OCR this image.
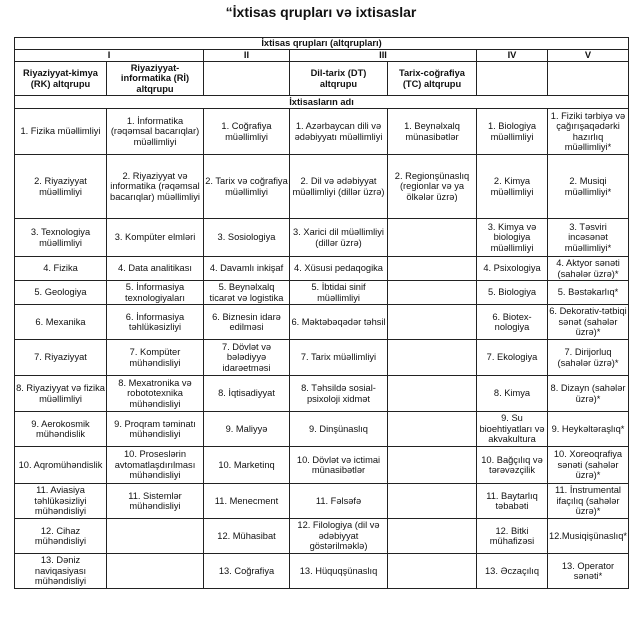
“İxtisas qrupları və ixtisaslar
İxtisas qrupları (altqrupları)						
I		II	III		IV	V
Riyaziyyat-kimya (RK) altqrupu	Riyaziyyat-informatika (Rİ) altqrupu		Dil-tarix (DT) altqrupu	Tarix-coğrafiya (TC) altqrupu		
İxtisasların adı						
1. Fizika müəllimliyi	1. İnformatika (rəqəmsal bacarıqlar) müəllimliyi	1. Coğrafiya müəllimliyi	1. Azərbaycan dili və ədəbiyyatı müəllimliyi	1. Beynəlxalq münasibətlər	1. Biologiya müəllimliyi	1. Fiziki tərbiyə və çağırışaqədərki hazırlıq müəllimliyi*
2. Riyaziyyat müəllimliyi	2. Riyaziyyat və informatika (rəqəmsal bacarıqlar) müəllimliyi	2. Tarix və coğrafiya müəllimliyi	2. Dil və ədəbiyyat müəllimliyi (dillər üzrə)	2. Regionşünaslıq (regionlar və ya ölkələr üzrə)	2. Kimya müəllimliyi	2. Musiqi müəllimliyi*
3. Texnologiya müəllimliyi	3. Kompüter elmləri	3. Sosiologiya	3. Xarici dil müəllimliyi (dillər üzrə)		3. Kimya və biologiya müəllimliyi	3. Təsviri incəsənət müəllimliyi*
4. Fizika	4. Data analitikası	4. Davamlı inkişaf	4. Xüsusi pedaqogika		4. Psixologiya	4. Aktyor sənəti (sahələr üzrə)*
5. Geologiya	5. İnformasiya texnologiyaları	5. Beynəlxalq ticarət və logistika	5. İbtidai sinif müəllimliyi		5. Biologiya	5. Bəstəkarlıq*
6. Mexanika	6. İnformasiya təhlükəsizliyi	6. Biznesin idarə edilməsi	6. Məktəbəqədər təhsil		6. Biotex-nologiya	6. Dekorativ-tətbiqi sənət (sahələr üzrə)*
7. Riyaziyyat	7. Kompüter mühəndisliyi	7. Dövlət və bələdiyyə idarəetməsi	7. Tarix müəllimliyi		7. Ekologiya	7. Dirijorluq (sahələr üzrə)*
8. Riyaziyyat və fizika müəllimliyi	8. Mexatronika və robototexnika mühəndisliyi	8. İqtisadiyyat	8. Təhsildə sosial-psixoloji xidmət		8. Kimya	8. Dizayn (sahələr üzrə)*
9. Aerokosmik mühəndislik	9. Proqram təminatı mühəndisliyi	9. Maliyyə	9. Dinşünaslıq		9. Su bioehtiyatları və akvakultura	9. Heykəltəraşlıq*
10. Aqromühəndislik	10. Proseslərin avtomatlaşdırılması mühəndisliyi	10. Marketinq	10. Dövlət və ictimai münasibətlər		10. Bağçılıq və tərəvəzçilik	10. Xoreoqrafiya sənəti (sahələr üzrə)*
11. Aviasiya təhlükəsizliyi mühəndisliyi	11. Sistemlər mühəndisliyi	11. Menecment	11. Fəlsəfə		11. Baytarlıq təbabəti	11. İnstrumental ifaçılıq (sahələr üzrə)*
12. Cihaz mühəndisliyi		12. Mühasibat	12. Filologiya (dil və ədəbiyyat göstərilməklə)		12. Bitki mühafizəsi	12.Musiqişünaslıq*
13. Dəniz naviqasiyası mühəndisliyi		13. Coğrafiya	13. Hüquqşünaslıq		13. Əczaçılıq	13. Operator sənəti*
